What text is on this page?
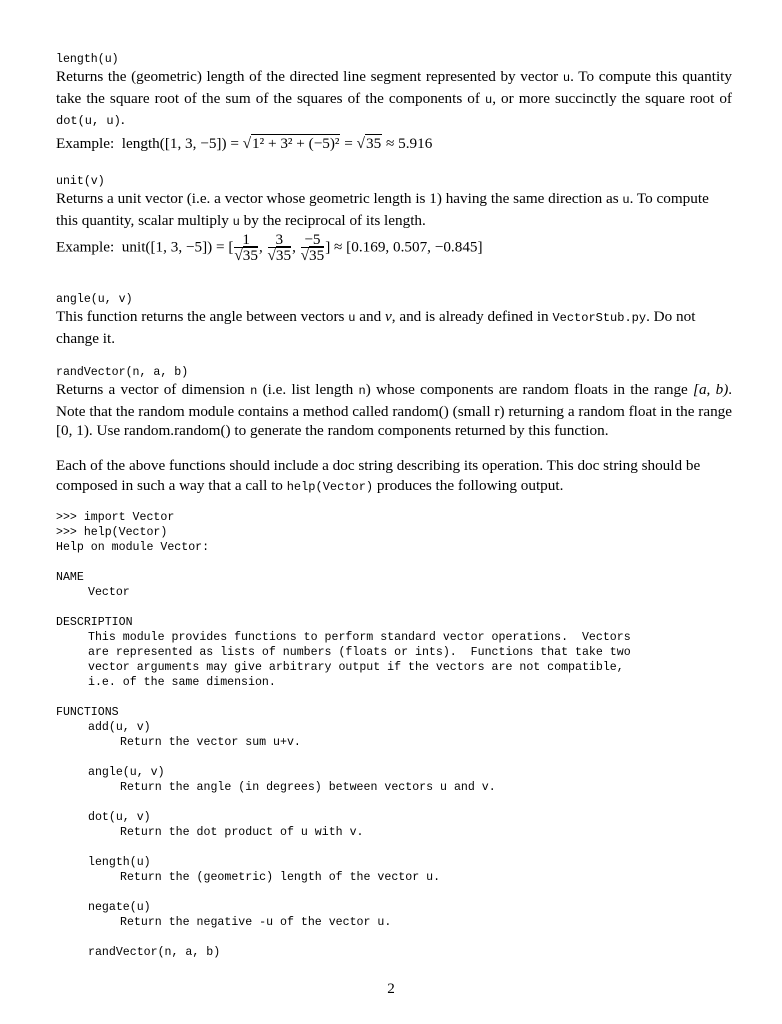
length(u)

Returns the (geometric) length of the directed line segment represented by vector u. To compute this quantity take the square root of the sum of the squares of the components of u, or more succinctly the square root of dot(u, u).

Example: length([1, 3, −5]) = √1² + 3² + (−5)² = √35 ≈ 5.916

unit(v)

Returns a unit vector (i.e. a vector whose geometric length is 1) having the same direction as u. To compute this quantity, scalar multiply u by the reciprocal of its length.

Example: unit([1, 3, −5]) = [ $\frac{1}{√35}$ , $\frac{3}{√35}$ , $\frac{-5}{√35}$ ] ≈ [0.169, 0.507, −0.845]

angle(u, v)

This function returns the angle between vectors u and v, and is already defined in VectorStub.py. Do not change it.

randVector(n, a, b)

Returns a vector of dimension n (i.e. list length n) whose components are random floats in the range [a, b). Note that the random module contains a method called random() (small r) returning a random float in the range [0, 1). Use random.random() to generate the random components returned by this function.

Each of the above functions should include a doc string describing its operation. This doc string should be composed in such a way that a call to help(Vector) produces the following output.

>>> import Vector
>>> help(Vector)
Help on module Vector:
NAME
Vector
DESCRIPTION
This module provides functions to perform standard vector operations.  Vectors
are represented as lists of numbers (floats or ints).  Functions that take two
vector arguments may give arbitrary output if the vectors are not compatible,
i.e. of the same dimension.
FUNCTIONS
add(u, v)
Return the vector sum u+v.
angle(u, v)
Return the angle (in degrees) between vectors u and v.
dot(u, v)
Return the dot product of u with v.
length(u)
Return the (geometric) length of the vector u.
negate(u)
Return the negative -u of the vector u.
randVector(n, a, b)
2
